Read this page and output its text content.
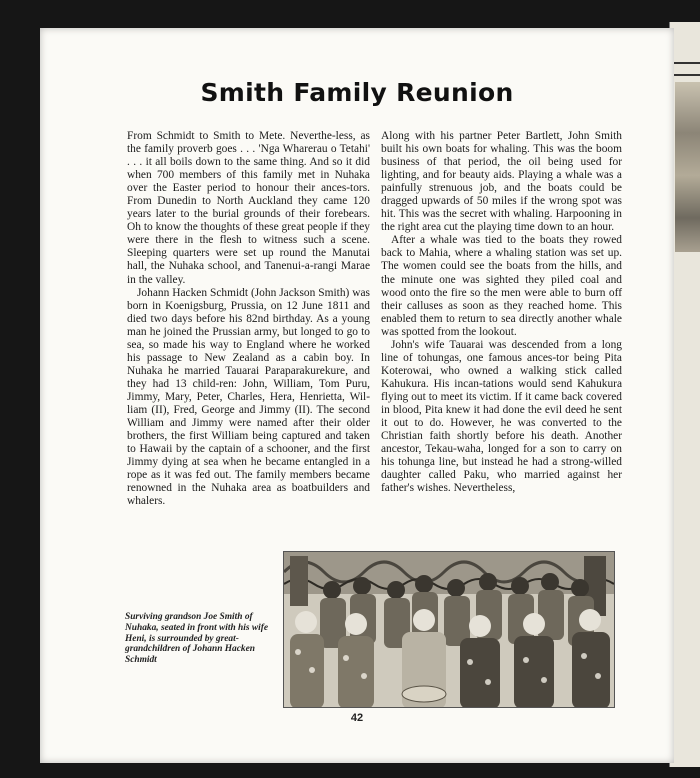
Smith Family Reunion

From Schmidt to Smith to Mete. Neverthe-less, as the family proverb goes . . . 'Nga Wharerau o Tetahi' . . . it all boils down to the same thing. And so it did when 700 members of this family met in Nuhaka over the Easter period to honour their ances-tors. From Dunedin to North Auckland they came 120 years later to the burial grounds of their forebears. Oh to know the thoughts of these great people if they were there in the flesh to witness such a scene. Sleeping quarters were set up round the Manutai hall, the Nuhaka school, and Tanenui-a-rangi Marae in the valley.

Johann Hacken Schmidt (John Jackson Smith) was born in Koenigsburg, Prussia, on 12 June 1811 and died two days before his 82nd birthday. As a young man he joined the Prussian army, but longed to go to sea, so made his way to England where he worked his passage to New Zealand as a cabin boy. In Nuhaka he married Tauarai Paraparakurekure, and they had 13 child-ren: John, William, Tom Puru, Jimmy, Mary, Peter, Charles, Hera, Henrietta, Wil-liam (II), Fred, George and Jimmy (II). The second William and Jimmy were named after their older brothers, the first William being captured and taken to Hawaii by the captain of a schooner, and the first Jimmy dying at sea when he became entangled in a rope as it was fed out. The family members became renowned in the Nuhaka area as boatbuilders and whalers.

Along with his partner Peter Bartlett, John Smith built his own boats for whaling. This was the boom business of that period, the oil being used for lighting, and for beauty aids. Playing a whale was a painfully strenuous job, and the boats could be dragged upwards of 50 miles if the wrong spot was hit. This was the secret with whaling. Harpooning in the right area cut the playing time down to an hour.

After a whale was tied to the boats they rowed back to Mahia, where a whaling station was set up. The women could see the boats from the hills, and the minute one was sighted they piled coal and wood onto the fire so the men were able to burn off their calluses as soon as they reached home. This enabled them to return to sea directly another whale was spotted from the lookout.

John's wife Tauarai was descended from a long line of tohungas, one famous ances-tor being Pita Koterowai, who owned a walking stick called Kahukura. His incan-tations would send Kahukura flying out to meet its victim. If it came back covered in blood, Pita knew it had done the evil deed he sent it out to do. However, he was converted to the Christian faith shortly before his death. Another ancestor, Tekau-waha, longed for a son to carry on his tohunga line, but instead he had a strong-willed daughter called Paku, who married against her father's wishes. Nevertheless,

Surviving grandson Joe Smith of Nuhaka, seated in front with his wife Heni, is surrounded by great-grandchildren of Johann Hacken Schmidt

42
